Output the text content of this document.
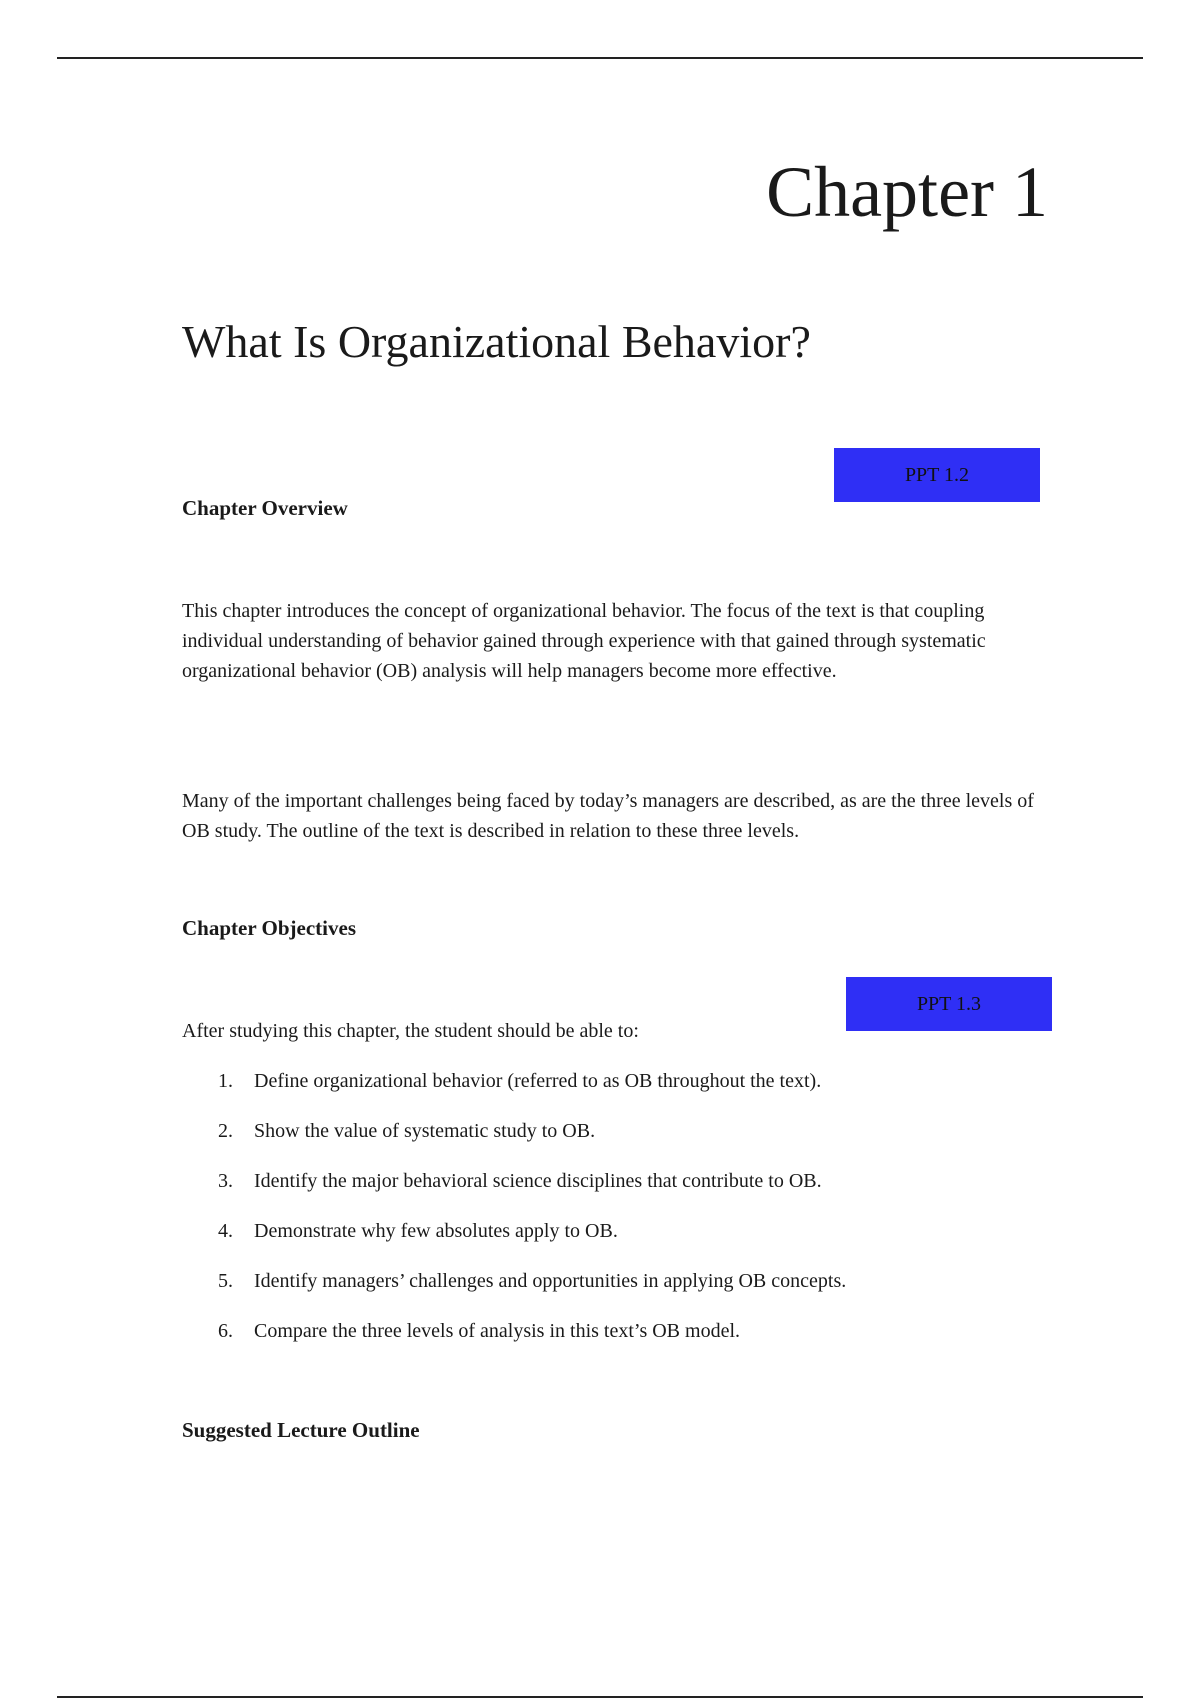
Chapter 1
What Is Organizational Behavior?
PPT 1.2
Chapter Overview

This chapter introduces the concept of organizational behavior. The focus of the text is that coupling individual understanding of behavior gained through experience with that gained through systematic organizational behavior (OB) analysis will help managers become more effective.

Many of the important challenges being faced by today’s managers are described, as are the three levels of OB study. The outline of the text is described in relation to these three levels.

Chapter Objectives
PPT 1.3

After studying this chapter, the student should be able to:

1. Define organizational behavior (referred to as OB throughout the text).
2. Show the value of systematic study to OB.
3. Identify the major behavioral science disciplines that contribute to OB.
4. Demonstrate why few absolutes apply to OB.
5. Identify managers’ challenges and opportunities in applying OB concepts.
6. Compare the three levels of analysis in this text’s OB model.
Suggested Lecture Outline
